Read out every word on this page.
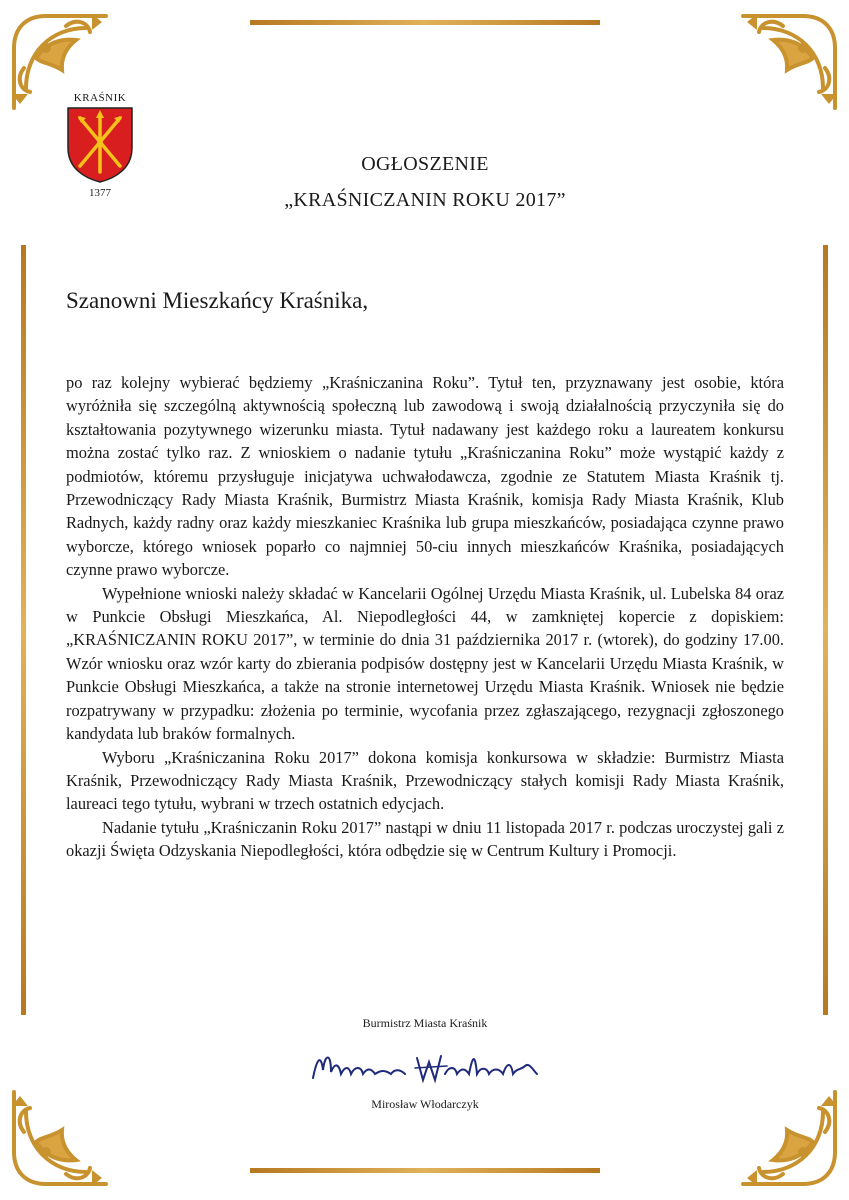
KRAŚNIK
1377
OGŁOSZENIE
„KRAŚNICZANIN ROKU 2017”
Szanowni Mieszkańcy Kraśnika,

po raz kolejny wybierać będziemy „Kraśniczanina Roku”. Tytuł ten, przyznawany jest osobie, która wyróżniła się szczególną aktywnością społeczną lub zawodową i swoją działalnością przyczyniła się do kształtowania pozytywnego wizerunku miasta. Tytuł nadawany jest każdego roku a laureatem konkursu można zostać tylko raz. Z wnioskiem o nadanie tytułu „Kraśniczanina Roku” może wystąpić każdy z podmiotów, któremu przysługuje inicjatywa uchwałodawcza, zgodnie ze Statutem Miasta Kraśnik tj. Przewodniczący Rady Miasta Kraśnik, Burmistrz Miasta Kraśnik, komisja Rady Miasta Kraśnik, Klub Radnych, każdy radny oraz każdy mieszkaniec Kraśnika lub grupa mieszkańców, posiadająca czynne prawo wyborcze, którego wniosek poparło co najmniej 50-ciu innych mieszkańców Kraśnika, posiadających czynne prawo wyborcze.

Wypełnione wnioski należy składać w Kancelarii Ogólnej Urzędu Miasta Kraśnik, ul. Lubelska 84 oraz w Punkcie Obsługi Mieszkańca, Al. Niepodległości 44, w zamkniętej kopercie z dopiskiem: „KRAŚNICZANIN ROKU 2017”, w terminie do dnia 31 października 2017 r. (wtorek), do godziny 17.00. Wzór wniosku oraz wzór karty do zbierania podpisów dostępny jest w Kancelarii Urzędu Miasta Kraśnik, w Punkcie Obsługi Mieszkańca, a także na stronie internetowej Urzędu Miasta Kraśnik. Wniosek nie będzie rozpatrywany w przypadku: złożenia po terminie, wycofania przez zgłaszającego, rezygnacji zgłoszonego kandydata lub braków formalnych.

Wyboru „Kraśniczanina Roku 2017” dokona komisja konkursowa w składzie: Burmistrz Miasta Kraśnik, Przewodniczący Rady Miasta Kraśnik, Przewodniczący stałych komisji Rady Miasta Kraśnik, laureaci tego tytułu, wybrani w trzech ostatnich edycjach.

Nadanie tytułu „Kraśniczanin Roku 2017” nastąpi w dniu 11 listopada 2017 r. podczas uroczystej gali z okazji Święta Odzyskania Niepodległości, która odbędzie się w Centrum Kultury i Promocji.

Burmistrz Miasta Kraśnik
Mirosław Włodarczyk
